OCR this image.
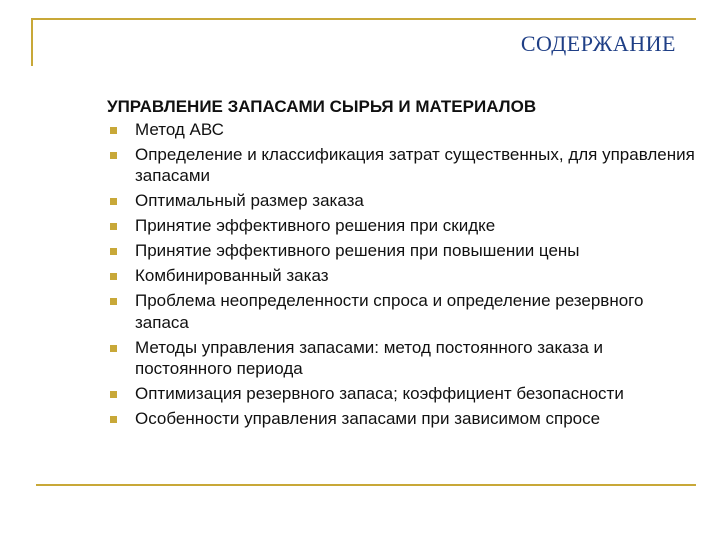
СОДЕРЖАНИЕ
УПРАВЛЕНИЕ ЗАПАСАМИ СЫРЬЯ И МАТЕРИАЛОВ
Метод АВС
Определение и классификация затрат существенных, для управления запасами
Оптимальный размер заказа
Принятие эффективного решения при скидке
Принятие эффективного решения при повышении цены
Комбинированный заказ
Проблема неопределенности спроса и определение резервного запаса
Методы управления запасами: метод постоянного заказа и постоянного периода
Оптимизация резервного запаса; коэффициент безопасности
Особенности управления запасами при зависимом спросе
